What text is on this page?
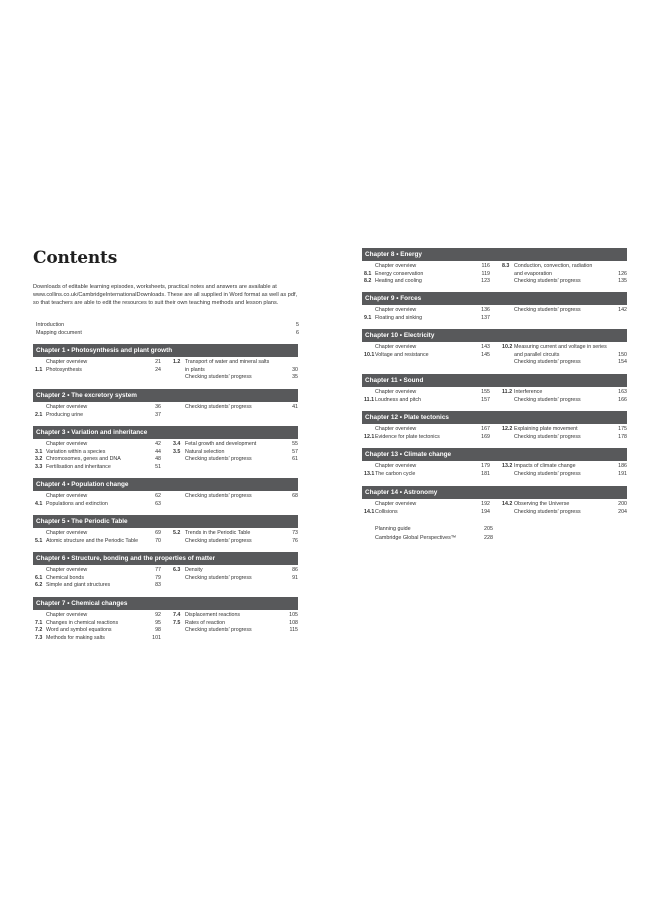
Contents
Downloads of editable learning episodes, worksheets, practical notes and answers are available at www.collins.co.uk/CambridgeInternationalDownloads. These are all supplied in Word format as well as pdf, so that teachers are able to edit the resources to suit their own teaching methods and lesson plans.
Introduction	5
Mapping document	6
Chapter 1 • Photosynthesis and plant growth
Chapter overview	21
1.1 Photosynthesis	24
1.2 Transport of water and mineral salts
in plants	30
Checking students' progress	35
Chapter 2 • The excretory system
Chapter overview	36
2.1 Producing urine	37
Checking students' progress	41
Chapter 3 • Variation and inheritance
Chapter overview	42
3.1 Variation within a species	44
3.2 Chromosomes, genes and DNA	48
3.3 Fertilisation and inheritance	51
3.4 Fetal growth and development	55
3.5 Natural selection	57
Checking students' progress	61
Chapter 4 • Population change
Chapter overview	62
4.1 Populations and extinction	63
Checking students' progress	68
Chapter 5 • The Periodic Table
Chapter overview	69
5.1 Atomic structure and the Periodic Table	70
5.2 Trends in the Periodic Table	73
Checking students' progress	76
Chapter 6 • Structure, bonding and the properties of matter
Chapter overview	77
6.1 Chemical bonds	79
6.2 Simple and giant structures	83
6.3 Density	86
Checking students' progress	91
Chapter 7 • Chemical changes
Chapter overview	92
7.1 Changes in chemical reactions	95
7.2 Word and symbol equations	98
7.3 Methods for making salts	101
7.4 Displacement reactions	105
7.5 Rates of reaction	108
Checking students' progress	115
Chapter 8 • Energy
Chapter overview	116
8.1 Energy conservation	119
8.2 Heating and cooling	123
8.3 Conduction, convection, radiation
and evaporation	126
Checking students' progress	135
Chapter 9 • Forces
Chapter overview	136
9.1 Floating and sinking	137
Checking students' progress	142
Chapter 10 • Electricity
Chapter overview	143
10.1 Voltage and resistance	145
10.2 Measuring current and voltage in series
and parallel circuits	150
Checking students' progress	154
Chapter 11 • Sound
Chapter overview	155
11.1 Loudness and pitch	157
11.2 Interference	163
Checking students' progress	166
Chapter 12 • Plate tectonics
Chapter overview	167
12.1 Evidence for plate tectonics	169
12.2 Explaining plate movement	175
Checking students' progress	178
Chapter 13 • Climate change
Chapter overview	179
13.1 The carbon cycle	181
13.2 Impacts of climate change	186
Checking students' progress	191
Chapter 14 • Astronomy
Chapter overview	192
14.1 Collisions	194
14.2 Observing the Universe	200
Checking students' progress	204
Planning guide	205
Cambridge Global Perspectives™	228
